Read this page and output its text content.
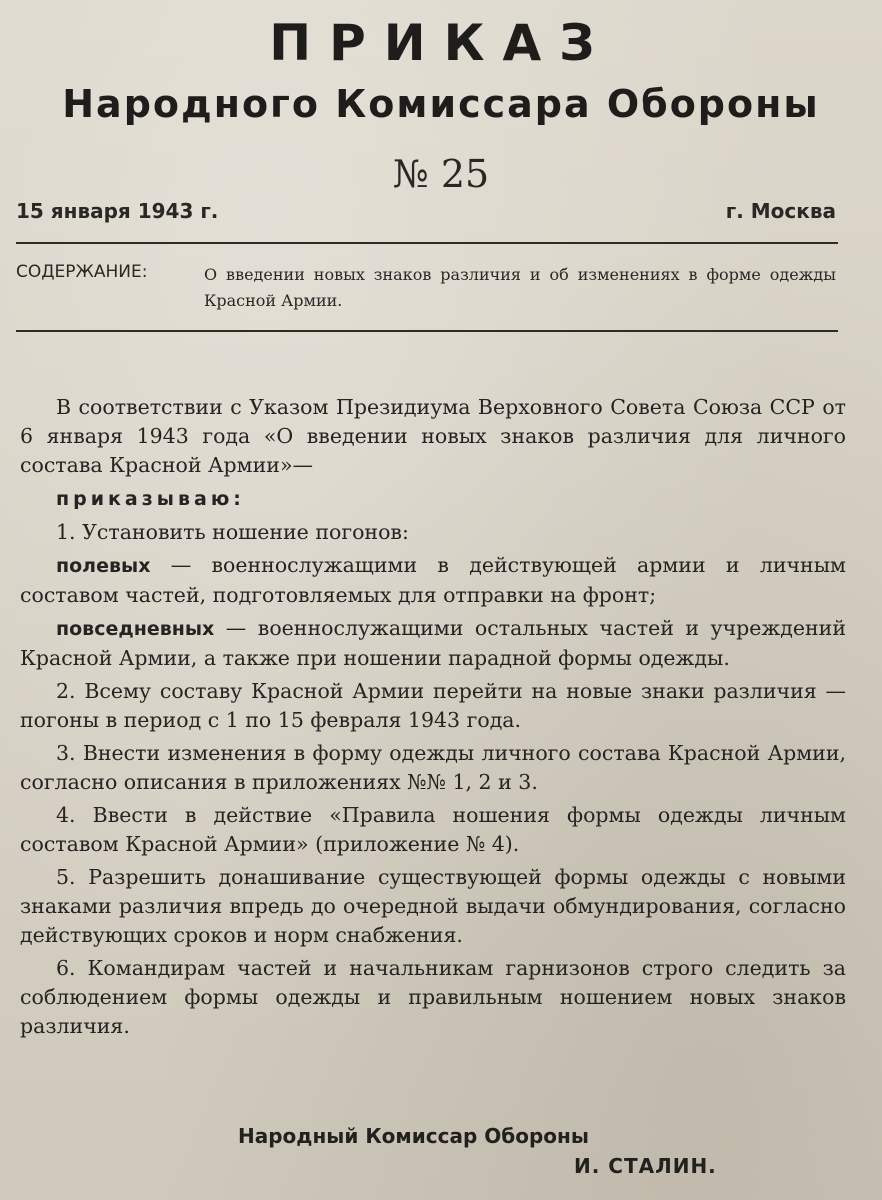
ПРИКАЗ
Народного Комиссара Обороны
№ 25
15 января 1943 г.	г. Москва
СОДЕРЖАНИЕ:	О введении новых знаков различия и об изменениях в форме одежды Красной Армии.

В соответствии с Указом Президиума Верховного Совета Союза ССР от 6 января 1943 года «О введении новых знаков различия для личного состава Красной Армии»—

приказываю:

1. Установить ношение погонов:

полевых — военнослужащими в действующей армии и личным составом частей, подготовляемых для отправки на фронт;

повседневных — военнослужащими остальных частей и учреждений Красной Армии, а также при ношении парадной формы одежды.

2. Всему составу Красной Армии перейти на новые знаки различия — погоны в период с 1 по 15 февраля 1943 года.

3. Внести изменения в форму одежды личного состава Красной Армии, согласно описания в приложениях №№ 1, 2 и 3.

4. Ввести в действие «Правила ношения формы одежды личным составом Красной Армии» (приложение № 4).

5. Разрешить донашивание существующей формы одежды с новыми знаками различия впредь до очередной выдачи обмундирования, согласно действующих сроков и норм снабжения.

6. Командирам частей и начальникам гарнизонов строго следить за соблюдением формы одежды и правильным ношением новых знаков различия.

Народный Комиссар Обороны
И. СТАЛИН.
